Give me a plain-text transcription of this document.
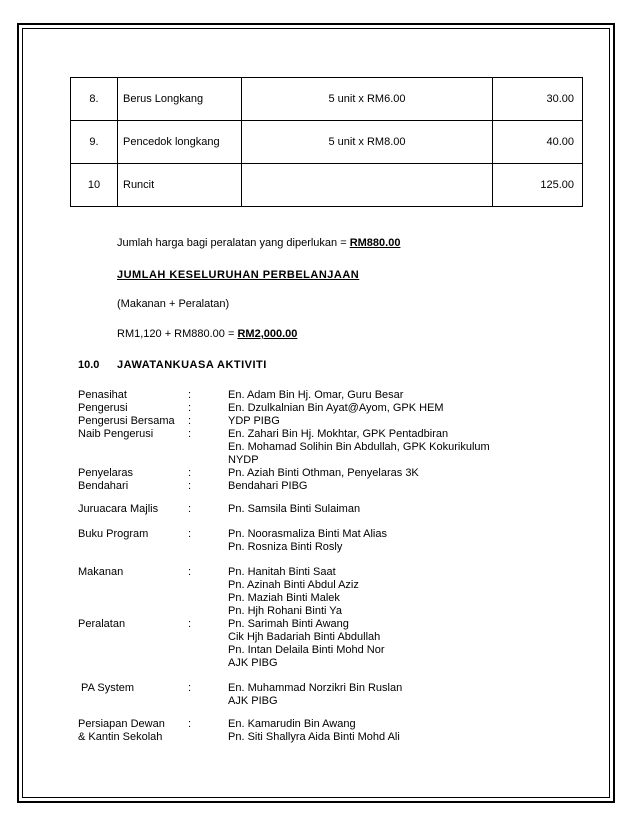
8.	Berus Longkang	5 unit x RM6.00	30.00
9.	Pencedok longkang	5 unit x RM8.00	40.00
10	Runcit		125.00
Jumlah harga bagi peralatan yang diperlukan = RM880.00
JUMLAH KESELURUHAN PERBELANJAAN
(Makanan + Peralatan)
RM1,120 + RM880.00 = RM2,000.00
10.0 JAWATANKUASA AKTIVITI
Penasihat	:	En. Adam Bin Hj. Omar, Guru Besar
Pengerusi	:	En. Dzulkalnian Bin Ayat@Ayom, GPK HEM
Pengerusi Bersama :	YDP PIBG
Naib Pengerusi	:	En. Zahari Bin Hj. Mokhtar, GPK Pentadbiran
En. Mohamad Solihin Bin Abdullah, GPK Kokurikulum
NYDP
Penyelaras	:	Pn. Aziah Binti Othman, Penyelaras 3K
Bendahari	:	Bendahari PIBG
Juruacara Majlis	:	Pn. Samsila Binti Sulaiman
Buku Program	:	Pn. Noorasmaliza Binti Mat Alias
Pn. Rosniza Binti Rosly
Makanan	:	Pn. Hanitah Binti Saat
Pn. Azinah Binti Abdul Aziz
Pn. Maziah Binti Malek
Pn. Hjh Rohani Binti Ya
Peralatan	:	Pn. Sarimah Binti Awang
Cik Hjh Badariah Binti Abdullah
Pn. Intan Delaila Binti Mohd Nor
AJK PIBG
PA System	:	En. Muhammad Norzikri Bin Ruslan
AJK PIBG
Persiapan Dewan
& Kantin Sekolah
:	En. Kamarudin Bin Awang
Pn. Siti Shallyra Aida Binti Mohd Ali
